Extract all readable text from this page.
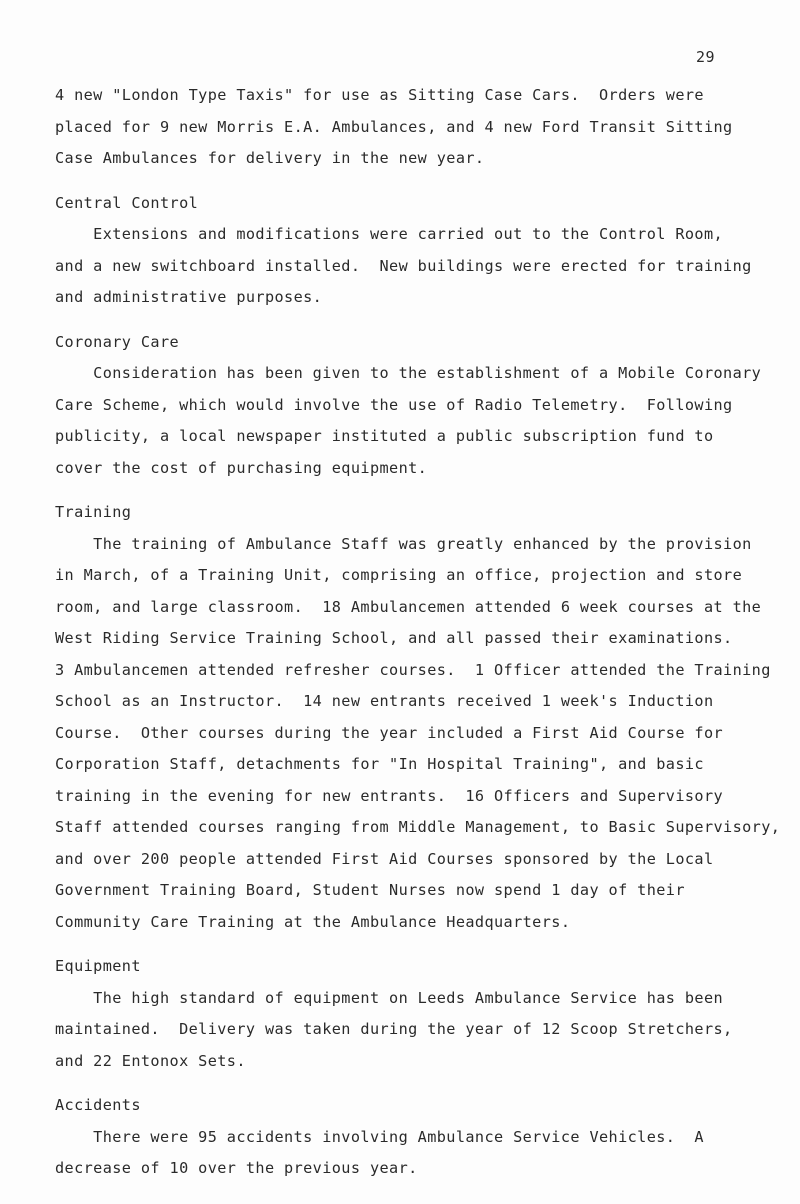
29

4 new "London Type Taxis" for use as Sitting Case Cars.  Orders were

placed for 9 new Morris E.A. Ambulances, and 4 new Ford Transit Sitting

Case Ambulances for delivery in the new year.

Central Control

Extensions and modifications were carried out to the Control Room,

and a new switchboard installed.  New buildings were erected for training

and administrative purposes.

Coronary Care

Consideration has been given to the establishment of a Mobile Coronary

Care Scheme, which would involve the use of Radio Telemetry.  Following

publicity, a local newspaper instituted a public subscription fund to

cover the cost of purchasing equipment.

Training

The training of Ambulance Staff was greatly enhanced by the provision

in March, of a Training Unit, comprising an office, projection and store

room, and large classroom.  18 Ambulancemen attended 6 week courses at the

West Riding Service Training School, and all passed their examinations.

3 Ambulancemen attended refresher courses.  1 Officer attended the Training

School as an Instructor.  14 new entrants received 1 week's Induction

Course.  Other courses during the year included a First Aid Course for

Corporation Staff, detachments for "In Hospital Training", and basic

training in the evening for new entrants.  16 Officers and Supervisory

Staff attended courses ranging from Middle Management, to Basic Supervisory,

and over 200 people attended First Aid Courses sponsored by the Local

Government Training Board, Student Nurses now spend 1 day of their

Community Care Training at the Ambulance Headquarters.

Equipment

The high standard of equipment on Leeds Ambulance Service has been

maintained.  Delivery was taken during the year of 12 Scoop Stretchers,

and 22 Entonox Sets.

Accidents

There were 95 accidents involving Ambulance Service Vehicles.  A

decrease of 10 over the previous year.
